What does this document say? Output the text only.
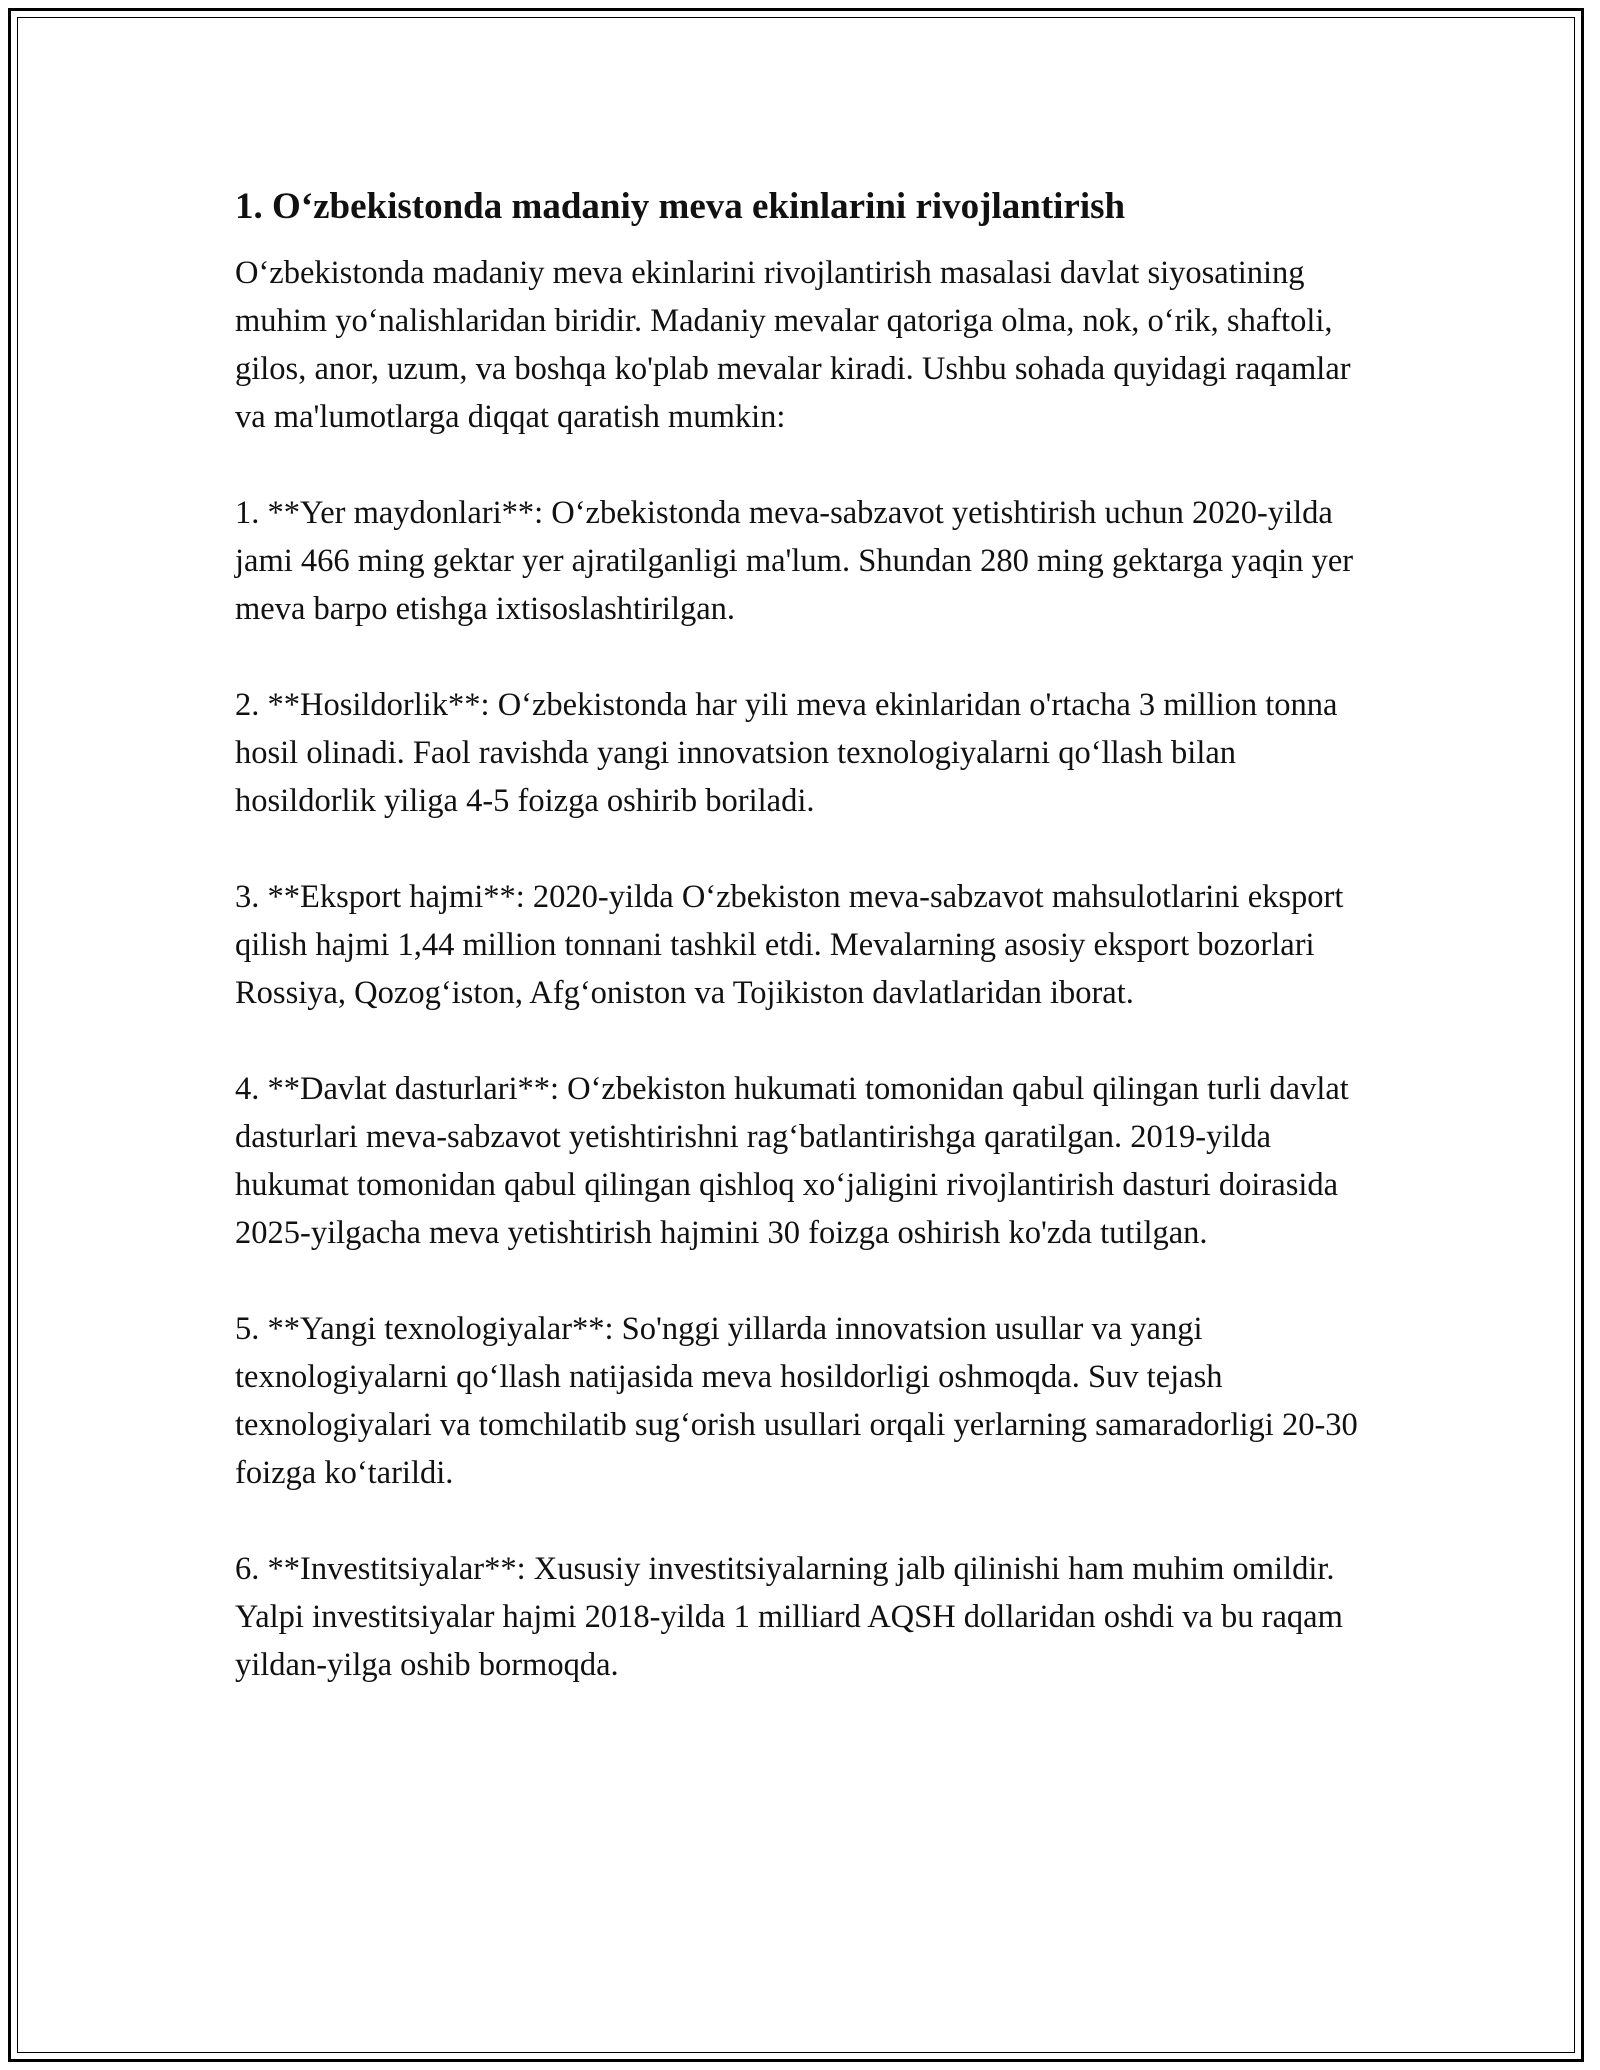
1. O‘zbekistonda madaniy meva ekinlarini rivojlantirish

O‘zbekistonda madaniy meva ekinlarini rivojlantirish masalasi davlat siyosatining muhim yo‘nalishlaridan biridir. Madaniy mevalar qatoriga olma, nok, o‘rik, shaftoli, gilos, anor, uzum, va boshqa ko'plab mevalar kiradi. Ushbu sohada quyidagi raqamlar va ma'lumotlarga diqqat qaratish mumkin:

1. **Yer maydonlari**: O‘zbekistonda meva-sabzavot yetishtirish uchun 2020-yilda jami 466 ming gektar yer ajratilganligi ma'lum. Shundan 280 ming gektarga yaqin yer meva barpo etishga ixtisoslashtirilgan.

2. **Hosildorlik**: O‘zbekistonda har yili meva ekinlaridan o'rtacha 3 million tonna hosil olinadi. Faol ravishda yangi innovatsion texnologiyalarni qo‘llash bilan hosildorlik yiliga 4-5 foizga oshirib boriladi.

3. **Eksport hajmi**: 2020-yilda O‘zbekiston meva-sabzavot mahsulotlarini eksport qilish hajmi 1,44 million tonnani tashkil etdi. Mevalarning asosiy eksport bozorlari Rossiya, Qozog‘iston, Afg‘oniston va Tojikiston davlatlaridan iborat.

4. **Davlat dasturlari**: O‘zbekiston hukumati tomonidan qabul qilingan turli davlat dasturlari meva-sabzavot yetishtirishni rag‘batlantirishga qaratilgan. 2019-yilda hukumat tomonidan qabul qilingan qishloq xo‘jaligini rivojlantirish dasturi doirasida 2025-yilgacha meva yetishtirish hajmini 30 foizga oshirish ko'zda tutilgan.

5. **Yangi texnologiyalar**: So'nggi yillarda innovatsion usullar va yangi texnologiyalarni qo‘llash natijasida meva hosildorligi oshmoqda. Suv tejash texnologiyalari va tomchilatib sug‘orish usullari orqali yerlarning samaradorligi 20-30 foizga ko‘tarildi.

6. **Investitsiyalar**: Xususiy investitsiyalarning jalb qilinishi ham muhim omildir. Yalpi investitsiyalar hajmi 2018-yilda 1 milliard AQSH dollaridan oshdi va bu raqam yildan-yilga oshib bormoqda.
